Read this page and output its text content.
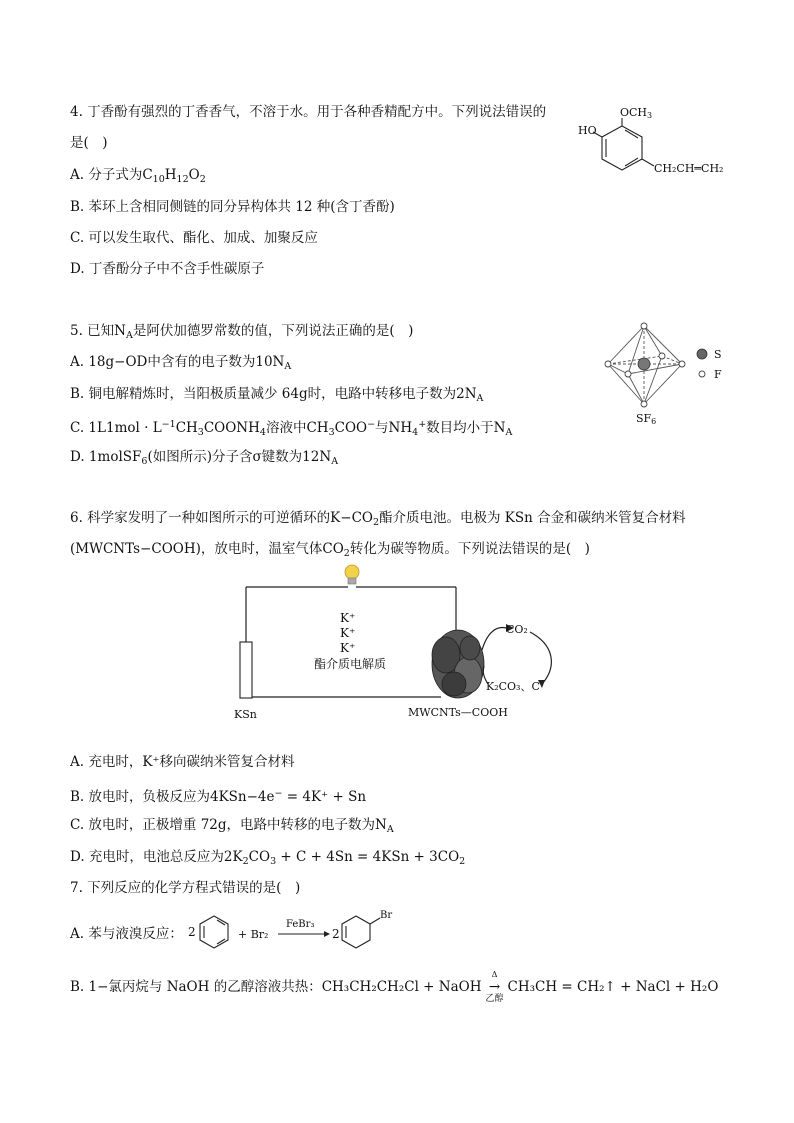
4. 丁香酚有强烈的丁香香气，不溶于水。用于各种香精配方中。下列说法错误的
是(　)
A. 分子式为$C_{10}H_{12}O_2$
B. 苯环上含相同侧链的同分异构体共 12 种(含丁香酚)
C. 可以发生取代、酯化、加成、加聚反应
D. 丁香酚分子中不含手性碳原子
OCH3
HO
CH₂CH═CH₂
5. 已知$N_A$是阿伏加德罗常数的值，下列说法正确的是(　)
A. 18g−OD中含有的电子数为$10N_A$
B. 铜电解精炼时，当阳极质量减少 64g时，电路中转移电子数为$2N_A$
C. $1L1mol \cdot L^{-1}CH_3COONH_4$溶液中$CH_3COO^-$与$NH_4^+$数目均小于$N_A$
D. 1molSF$_6$(如图所示)分子含σ键数为$12N_A$
S
F
SF6
6. 科学家发明了一种如图所示的可逆循环的$K-CO_2$酯介质电池。电极为 KSn 合金和碳纳米管复合材料
(MWCNTs−COOH)，放电时，温室气体$CO_2$转化为碳等物质。下列说法错误的是(　)
K⁺
K⁺
K⁺
酯介质电解质
CO₂
K₂CO₃、C
KSn	MWCNTs—COOH
A. 充电时，K⁺移向碳纳米管复合材料
B. 放电时，负极反应为4KSn−4e− = 4K⁺ + Sn
C. 放电时，正极增重 72g，电路中转移的电子数为$N_A$
D. 充电时，电池总反应为$2K_2CO_3 + C + 4Sn = 4KSn + 3CO_2$
7. 下列反应的化学方程式错误的是(　)
A. 苯与液溴反应： 2	+ Br₂
FeBr₃
2
Br
B. 1−氯丙烷与 NaOH 的乙醇溶液共热：CH₃CH₂CH₂Cl + NaOH
Δ
→
乙醇
CH₃CH = CH₂↑ + NaCl + H₂O
